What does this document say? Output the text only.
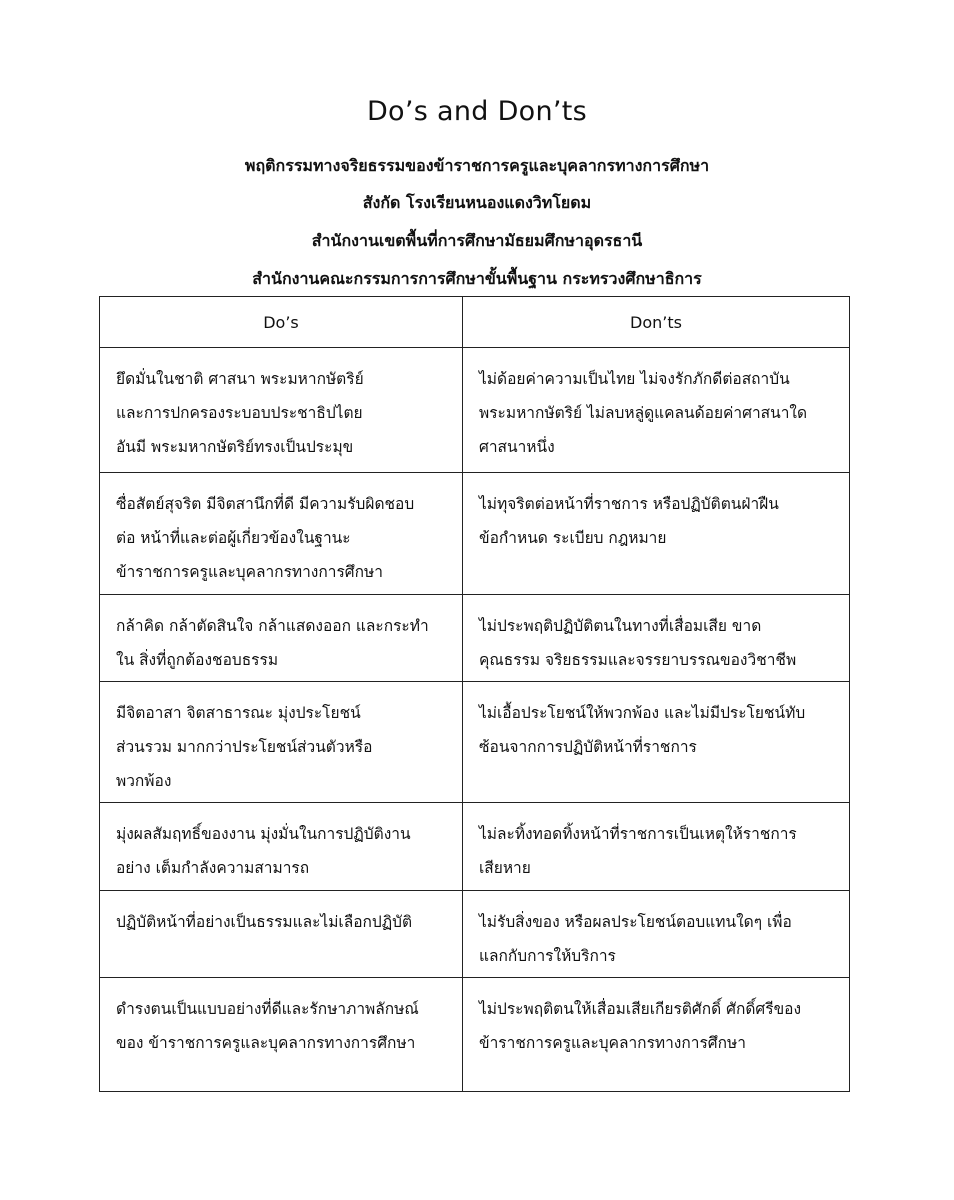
Do’s and Don’ts
พฤติกรรมทางจริยธรรมของข้าราชการครูและบุคลากรทางการศึกษา
สังกัด โรงเรียนหนองแดงวิทโยดม
สำนักงานเขตพื้นที่การศึกษามัธยมศึกษาอุดรธานี
สำนักงานคณะกรรมการการศึกษาขั้นพื้นฐาน กระทรวงศึกษาธิการ
Do’s	Don’ts

ยึดมั่นในชาติ ศาสนา พระมหากษัตริย์
และการปกครองระบอบประชาธิปไตย
อันมี พระมหากษัตริย์ทรงเป็นประมุข	ไม่ด้อยค่าความเป็นไทย ไม่จงรักภักดีต่อสถาบัน
พระมหากษัตริย์ ไม่ลบหลู่ดูแคลนด้อยค่าศาสนาใด
ศาสนาหนึ่ง

ซื่อสัตย์สุจริต มีจิตสานึกที่ดี มีความรับผิดชอบ
ต่อ หน้าที่และต่อผู้เกี่ยวข้องในฐานะ
ข้าราชการครูและบุคลากรทางการศึกษา	ไม่ทุจริตต่อหน้าที่ราชการ หรือปฏิบัติตนฝ่าฝืน
ข้อกำหนด ระเบียบ กฎหมาย

กล้าคิด กล้าตัดสินใจ กล้าแสดงออก และกระทำ
ใน สิ่งที่ถูกต้องชอบธรรม	ไม่ประพฤติปฏิบัติตนในทางที่เสื่อมเสีย ขาด
คุณธรรม จริยธรรมและจรรยาบรรณของวิชาชีพ

มีจิตอาสา จิตสาธารณะ มุ่งประโยชน์
ส่วนรวม มากกว่าประโยชน์ส่วนตัวหรือ
พวกพ้อง	ไม่เอื้อประโยชน์ให้พวกพ้อง และไม่มีประโยชน์ทับ
ซ้อนจากการปฏิบัติหน้าที่ราชการ

มุ่งผลสัมฤทธิ์ของงาน มุ่งมั่นในการปฏิบัติงาน
อย่าง เต็มกำลังความสามารถ	ไม่ละทิ้งทอดทิ้งหน้าที่ราชการเป็นเหตุให้ราชการ
เสียหาย

ปฏิบัติหน้าที่อย่างเป็นธรรมและไม่เลือกปฏิบัติ	ไม่รับสิ่งของ หรือผลประโยชน์ตอบแทนใดๆ เพื่อ
แลกกับการให้บริการ

ดำรงตนเป็นแบบอย่างที่ดีและรักษาภาพลักษณ์
ของ ข้าราชการครูและบุคลากรทางการศึกษา	ไม่ประพฤติตนให้เสื่อมเสียเกียรติศักดิ์ ศักดิ์ศรีของ
ข้าราชการครูและบุคลากรทางการศึกษา
